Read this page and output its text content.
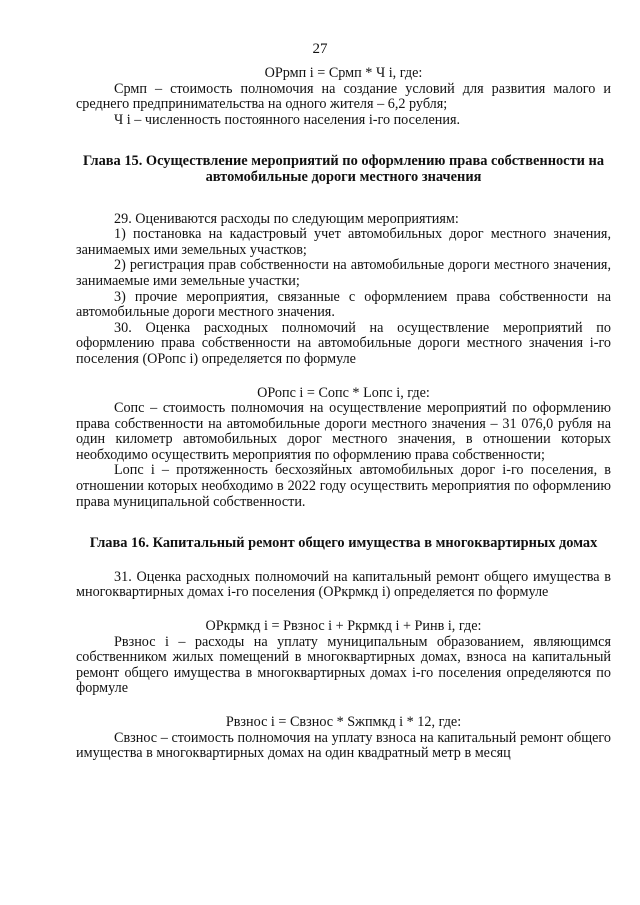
27

ОРрмп i = Срмп * Ч i, где:

Срмп – стоимость полномочия на создание условий для развития малого и среднего предпринимательства на одного жителя – 6,2 рубля;

Ч i – численность постоянного населения i-го поселения.

Глава 15. Осуществление мероприятий по оформлению права собственности на автомобильные дороги местного значения

29. Оцениваются расходы по следующим мероприятиям:

1) постановка на кадастровый учет автомобильных дорог местного значения, занимаемых ими земельных участков;

2) регистрация прав собственности на автомобильные дороги местного значения, занимаемые ими земельные участки;

3) прочие мероприятия, связанные с оформлением права собственности на автомобильные дороги местного значения.

30. Оценка расходных полномочий на осуществление мероприятий по оформлению права собственности на автомобильные дороги местного значения i-го поселения (ОРопс i) определяется по формуле

ОРопс i = Сопс * Lопс i, где:

Сопс – стоимость полномочия на осуществление мероприятий по оформлению права собственности на автомобильные дороги местного значения – 31 076,0 рубля на один километр автомобильных дорог местного значения, в отношении которых необходимо осуществить мероприятия по оформлению права собственности;

Lопс i – протяженность бесхозяйных автомобильных дорог i-го поселения, в отношении которых необходимо в 2022 году осуществить мероприятия по оформлению права муниципальной собственности.

Глава 16. Капитальный ремонт общего имущества в многоквартирных домах

31. Оценка расходных полномочий на капитальный ремонт общего имущества в многоквартирных домах i-го поселения (ОРкрмкд i) определяется по формуле

ОРкрмкд i = Рвзнос i + Ркрмкд i + Ринв i, где:

Рвзнос i – расходы на уплату муниципальным образованием, являющимся собственником жилых помещений в многоквартирных домах, взноса на капитальный ремонт общего имущества в многоквартирных домах i-го поселения определяются по формуле

Рвзнос i = Свзнос * Sжпмкд i * 12, где:

Свзнос – стоимость полномочия на уплату взноса на капитальный ремонт общего имущества в многоквартирных домах на один квадратный метр в месяц
